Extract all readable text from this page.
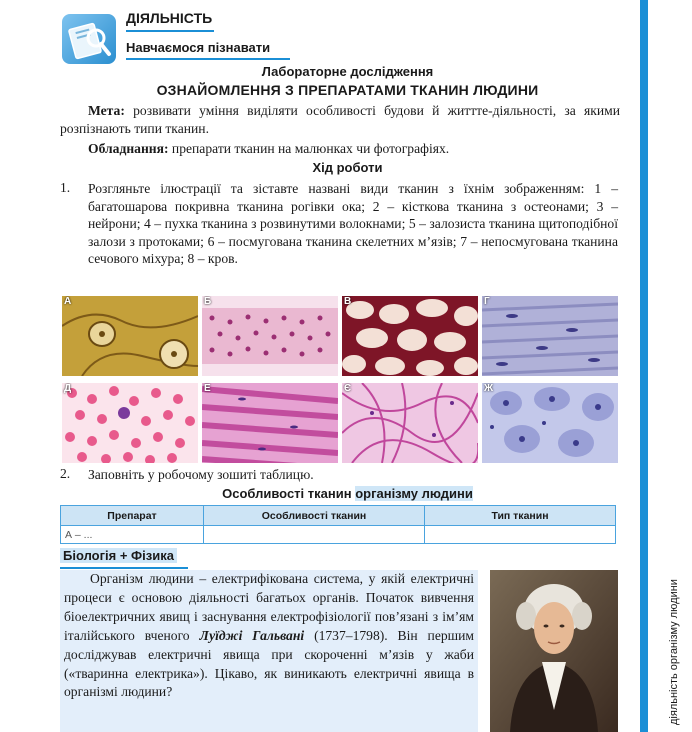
діяльність організму людини
ДІЯЛЬНІСТЬ
Навчаємося пізнавати
Лабораторне дослідження
ОЗНАЙОМЛЕННЯ З ПРЕПАРАТАМИ ТКАНИН ЛЮДИНИ
Мета: розвивати уміння виділяти особливості будови й життте-діяльності, за якими розпізнають типи тканин.
Обладнання: препарати тканин на малюнках чи фотографіях.
Хід роботи
1. Розгляньте ілюстрації та зіставте названі види тканин з їхнім зображенням: 1 – багатошарова покривна тканина рогівки ока; 2 – кісткова тканина з остеонами; 3 – нейрони; 4 – пухка тканина з розвинутими волокнами; 5 – залозиста тканина щитоподібної залози з протоками; 6 – посмугована тканина скелетних м’язів; 7 – непосмугована тканина сечового міхура; 8 – кров.
А	Б	В	Г
Д	Е	Є	Ж
2. Заповніть у робочому зошиті таблицю.
Особливості тканин організму людини
Препарат	Особливості тканин	Тип тканин
А – ...		
Біологія + Фізика
Організм людини – електрифікована система, у якій електричні процеси є основою діяльності багатьох органів. Початок вивчення біоелектричних явищ і заснування електрофізіології пов’язані з ім’ям італійського вченого Луїджі Гальвані (1737–1798). Він першим досліджував електричні явища при скороченні м’язів у жаби («тваринна електрика»). Цікаво, як виникають електричні явища в організмі людини?
